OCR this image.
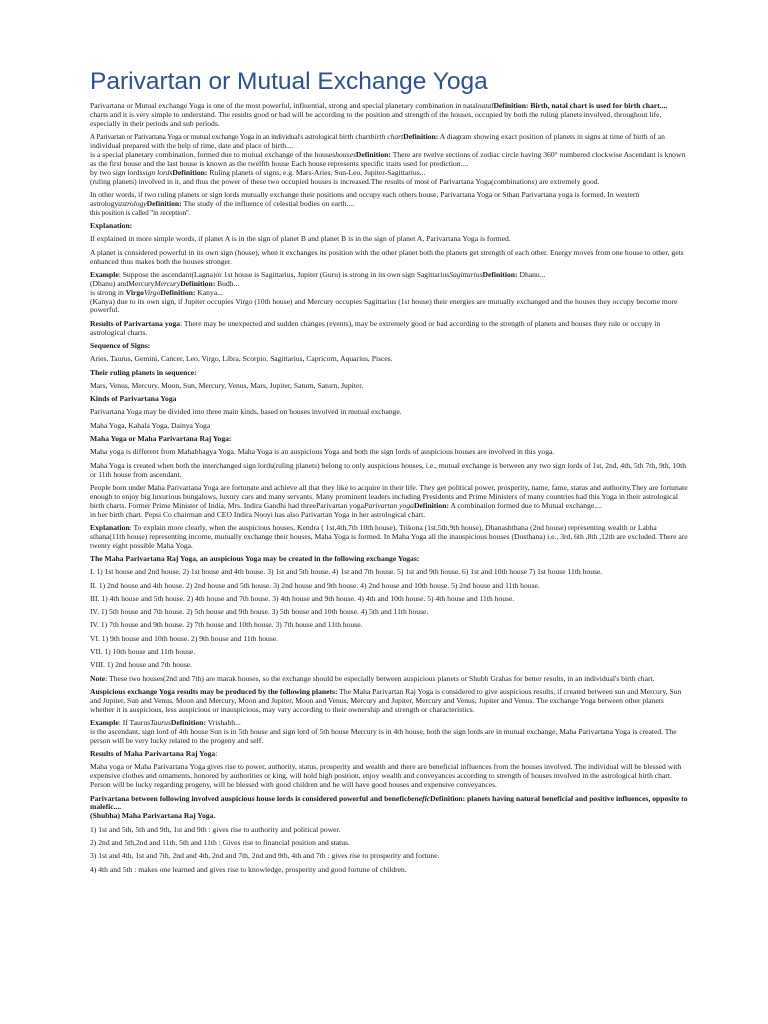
Parivartan or Mutual Exchange Yoga

Parivartana or Mutual exchange Yoga is one of the most powerful, influential, strong and special planetary combination in natalnatalDefinition: Birth, natal chart is used for birth chart....
charts and it is very simple to understand. The results good or bad will be according to the position and strength of the houses, occupied by both the ruling planets involved, throughout life, especially in their periods and sub periods.

A Parivartan or Parivartana Yoga or mutual exchange Yoga in an individual's astrological birth chartbirth chartDefinition: A diagram showing exact position of planets in signs at time of birth of an individual prepared with the help of time, date and place of birth....
is a special planetary combination, formed due to mutual exchange of the houseshousesDefinition: There are twelve sections of zodiac circle having 360° numbered clockwise Ascendant is known as the first house and the last house is known as the twelfth house Each house represents specific traits used for prediction....
by two sign lordssign lordsDefinition: Ruling planets of signs, e.g. Mars-Aries, Sun-Leo, Jupiter-Sagittarius...
(ruling planets) involved in it, and thus the power of these two occupied houses is increased.The results of most of Parivartana Yoga(combinations) are extremely good.

In other words, if two ruling planets or sign lords mutually exchange their positions and occupy each others house, Parivartana Yoga or Sthan Parivartana yoga is formed. In western astrologyastrologyDefinition: The study of the influence of celestial bodies on earth....
this position is called "in reception".

Explanation:

If explained in more simple words, if planet A is in the sign of planet B and planet B is in the sign of planet A, Parivartana Yoga is formed.

A planet is considered powerful in its own sign (house), when it exchanges its position with the other planet both the planets get strength of each other. Energy moves from one house to other, gets enhanced thus makes both the houses stronger.

Example: Suppose the ascendant(Lagna)or 1st house is Sagittarius, Jupiter (Guru) is strong in its own sign SagittariusSagittariusDefinition: Dhanu...
(Dhanu) andMercuryMercuryDefinition: Budh...
is strong in VirgoVirgoDefinition: Kanya...
(Kanya) due to its own sign, if Jupiter occupies Virgo (10th house) and Mercury occupies Sagittarius (1st house) their energies are mutually exchanged and the houses they occupy become more powerful.

Results of Parivartana yoga: There may be unexpected and sudden changes (events), may be extremely good or bad according to the strength of planets and houses they rule or occupy in astrological charts.

Sequence of Signs:

Aries, Taurus, Gemini, Cancer, Leo, Virgo, Libra, Scorpio, Sagittarius, Capricorn, Aquarius, Pisces.

Their ruling planets in sequence:

Mars, Venus, Mercury, Moon, Sun, Mercury, Venus, Mars, Jupiter, Saturn, Saturn, Jupiter.

Kinds of Parivartana Yoga

Parivartana Yoga may be divided into three main kinds, based on houses involved in mutual exchange.

Maha Yoga, Kahala Yoga, Dainya Yoga

Maha Yoga or Maha Parivartana Raj Yoga:

Maha yoga is different from Mahabhagya Yoga. Maha Yoga is an auspicious Yoga and both the sign lords of auspicious houses are involved in this yoga.

Maha Yoga is created when both the interchanged sign lords(ruling planets) belong to only auspicious houses, i.e., mutual exchange is between any two sign lords of 1st, 2nd, 4th, 5th 7th, 9th, 10th or 11th house from ascendant.

People born under Maha Parivartana Yoga are fortunate and achieve all that they like to acquire in their life. They get political power, prosperity, name, fame, status and authority.They are fortunate enough to enjoy big luxurious bungalows, luxury cars and many servants. Many prominent leaders including Presidents and Prime Ministers of many countries had this Yoga in their astrological birth charts. Former Prime Minister of India, Mrs. Indira Gandhi had threeParivartan yogaParivartan yogaDefinition: A combination formed due to Mutual exchange....
in her birth chart. Pepsi Co chairman and CEO Indira Nooyi has also Parivartan Yoga in her astrological chart.

Explanation: To explain more clearly, when the auspicious houses, Kendra ( 1st,4th,7th 10th house), Trikona (1st,5th,9th house), Dhanashthana (2nd house) representing wealth or Labha sthana(11th house) representing income, mutually exchange their houses, Maha Yoga is formed. In Maha Yoga all the inauspicious houses (Dusthana) i.e., 3rd, 6th ,8th ,12th are excluded. There are twenty eight possible Maha Yoga.

The Maha Parivartana Raj Yoga, an auspicious Yoga may be created in the following exchange Yogas:

I. 1) 1st house and 2nd house. 2) 1st house and 4th house. 3) 1st and 5th house. 4) 1st and 7th house. 5) 1st and 9th house. 6) 1st and 10th house 7) 1st house 11th house.

II. 1) 2nd house and 4th house. 2) 2nd house and 5th house. 3) 2nd house and 9th house. 4) 2nd house and 10th house. 5) 2nd house and 11th house.

III. 1) 4th house and 5th house. 2) 4th house and 7th house. 3) 4th house and 9th house. 4) 4th and 10th house. 5) 4th house and 11th house.

IV. 1) 5th house and 7th house. 2) 5th house and 9th house. 3) 5th house and 10th house. 4) 5th and 11th house.

IV. 1) 7th house and 9th house. 2) 7th house and 10th house. 3) 7th house and 11th house.

VI. 1) 9th house and 10th house. 2) 9th house and 11th house.

VII. 1) 10th house and 11th house.

VIII. 1) 2nd house and 7th house.

Note: These two houses(2nd and 7th) are marak houses, so the exchange should be especially between auspicious planets or Shubh Grahas for better results, in an individual's birth chart.

Auspicious exchange Yoga results may be produced by the following planets: The Maha Parivartan Raj Yoga is considered to give auspicious results, if created between sun and Mercury, Sun and Jupiter, Sun and Venus, Moon and Mercury, Moon and Jupiter, Moon and Venus, Mercury and Jupiter, Mercury and Venus, Jupiter and Venus. The exchange Yoga between other planets whether it is auspicious, less auspicious or inauspicious, may vary according to their ownership and strength or characteristics.

Example: If TaurusTaurusDefinition: Vrishabh...
is the ascendant, sign lord of 4th house Sun is in 5th house and sign lord of 5th house Mercury is in 4th house, both the sign lords are in mutual exchange, Maha Parivartana Yoga is created. The person will be very lucky related to the progeny and self.

Results of Maha Parivartana Raj Yoga:

Maha yoga or Maha Parivartana Yoga gives rise to power, authority, status, prosperity and wealth and there are beneficial influences from the houses involved. The individual will be blessed with expensive clothes and ornaments, honored by authorities or king, will hold high position, enjoy wealth and conveyances according to strength of houses involved in the astrological birth chart. Person will be lucky regarding progeny, will be blessed with good children and he will have good houses and expensive conveyances.

Parivartana between following involved auspicious house lords is considered powerful and beneficbeneficDefinition: planets having natural beneficial and positive influences, opposite to malefic....
(Shubha) Maha Parivartana Raj Yoga.

1) 1st and 5th, 5th and 9th, 1st and 9th : gives rise to authority and political power.

2) 2nd and 5th,2nd and 11th, 5th and 11th : Gives rise to financial position and status.

3) 1st and 4th, 1st and 7th, 2nd and 4th, 2nd and 7th, 2nd and 9th, 4th and 7th : gives rise to prosperity and fortune.

4) 4th and 5th : makes one learned and gives rise to knowledge, prosperity and good fortune of children.
